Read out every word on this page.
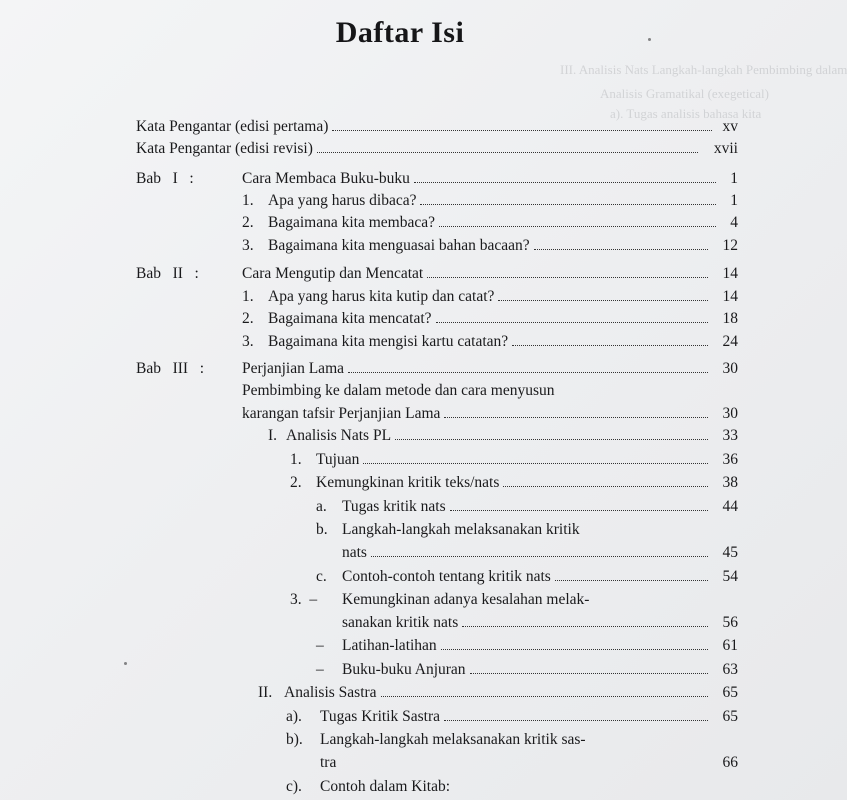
III. Analisis Nats Langkah-langkah Pembimbing dalam
Analisis Gramatikal (exegetical)
a). Tugas analisis bahasa kita
Daftar Isi
Kata Pengantar (edisi pertama)	xv
Kata Pengantar (edisi revisi)	xvii
Bab   I   :	Cara Membaca Buku-buku	1
1. Apa yang harus dibaca?	1
2. Bagaimana kita membaca?	4
3. Bagaimana kita menguasai bahan bacaan?	12
Bab   II   :	Cara Mengutip dan Mencatat	14
1. Apa yang harus kita kutip dan catat?	14
2. Bagaimana kita mencatat?	18
3. Bagaimana kita mengisi kartu catatan?	24
Bab   III   : Perjanjian Lama	30
Pembimbing ke dalam metode dan cara menyusun
karangan tafsir Perjanjian Lama	30
I. Analisis Nats PL	33
1. Tujuan	36
2. Kemungkinan kritik teks/nats	38
a. Tugas kritik nats	44
b. Langkah-langkah melaksanakan kritik
nats	45
c. Contoh-contoh tentang kritik nats	54
3.  –	Kemungkinan adanya kesalahan melak-
sanakan kritik nats	56
–	Latihan-latihan	61
–	Buku-buku Anjuran	63
II. Analisis Sastra	65
a).	Tugas Kritik Sastra	65
b).	Langkah-langkah melaksanakan kritik sas-
tra	66
c).	Contoh dalam Kitab:
